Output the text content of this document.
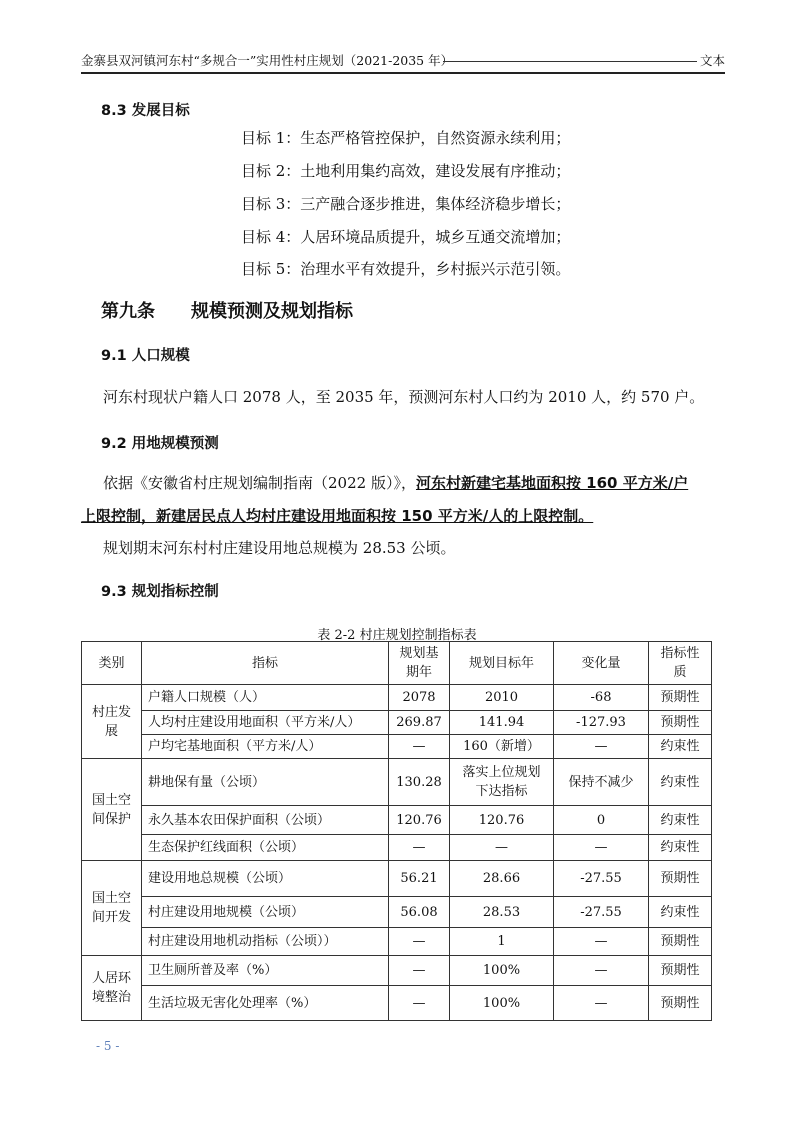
金寨县双河镇河东村“多规合一”实用性村庄规划（2021-2035 年）	文本
8.3 发展目标
目标 1：生态严格管控保护，自然资源永续利用；
目标 2：土地利用集约高效，建设发展有序推动；
目标 3：三产融合逐步推进，集体经济稳步增长；
目标 4：人居环境品质提升，城乡互通交流增加；
目标 5：治理水平有效提升，乡村振兴示范引领。
第九条 规模预测及规划指标
9.1 人口规模
河东村现状户籍人口 2078 人，至 2035 年，预测河东村人口约为 2010 人，约 570 户。
9.2 用地规模预测
依据《安徽省村庄规划编制指南（2022 版）》，河东村新建宅基地面积按 160 平方米/户
上限控制，新建居民点人均村庄建设用地面积按 150 平方米/人的上限控制。
规划期末河东村村庄建设用地总规模为 28.53 公顷。
9.3 规划指标控制
表 2-2 村庄规划控制指标表
类别	指标	规划基期年	规划目标年	变化量	指标性质
村庄发展	户籍人口规模（人）	2078	2010	-68	预期性
	人均村庄建设用地面积（平方米/人）	269.87	141.94	-127.93	预期性
	户均宅基地面积（平方米/人）	—	160（新增）	—	约束性
国土空间保护	耕地保有量（公顷）	130.28	落实上位规划下达指标	保持不减少	约束性
	永久基本农田保护面积（公顷）	120.76	120.76	0	约束性
	生态保护红线面积（公顷）	—	—	—	约束性
国土空间开发	建设用地总规模（公顷）	56.21	28.66	-27.55	预期性
	村庄建设用地规模（公顷）	56.08	28.53	-27.55	约束性
	村庄建设用地机动指标（公顷））	—	1	—	预期性
人居环境整治	卫生厕所普及率（%）	—	100%	—	预期性
	生活垃圾无害化处理率（%）	—	100%	—	预期性
- 5 -
